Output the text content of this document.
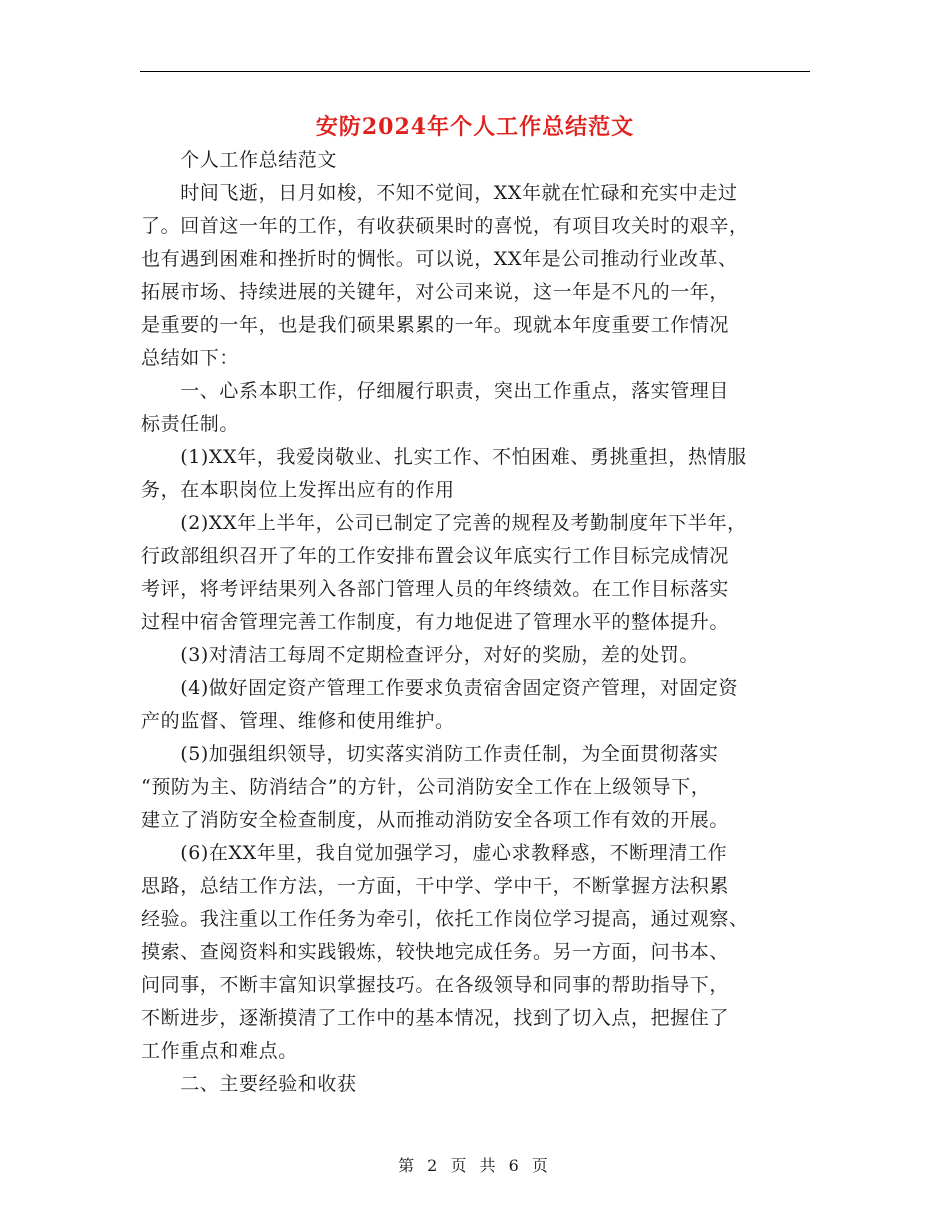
安防2024年个人工作总结范文
　　个人工作总结范文
　　时间飞逝，日月如梭，不知不觉间，XX年就在忙碌和充实中走过
了。回首这一年的工作，有收获硕果时的喜悦，有项目攻关时的艰辛，
也有遇到困难和挫折时的惆怅。可以说，XX年是公司推动行业改革、
拓展市场、持续进展的关键年，对公司来说，这一年是不凡的一年，
是重要的一年，也是我们硕果累累的一年。现就本年度重要工作情况
总结如下：
　　一、心系本职工作，仔细履行职责，突出工作重点，落实管理目
标责任制。
　　(1)XX年，我爱岗敬业、扎实工作、不怕困难、勇挑重担，热情服
务，在本职岗位上发挥出应有的作用
　　(2)XX年上半年，公司已制定了完善的规程及考勤制度年下半年，
行政部组织召开了年的工作安排布置会议年底实行工作目标完成情况
考评，将考评结果列入各部门管理人员的年终绩效。在工作目标落实
过程中宿舍管理完善工作制度，有力地促进了管理水平的整体提升。
　　(3)对清洁工每周不定期检查评分，对好的奖励，差的处罚。
　　(4)做好固定资产管理工作要求负责宿舍固定资产管理，对固定资
产的监督、管理、维修和使用维护。
　　(5)加强组织领导，切实落实消防工作责任制，为全面贯彻落实
“预防为主、防消结合”的方针，公司消防安全工作在上级领导下，
建立了消防安全检查制度，从而推动消防安全各项工作有效的开展。
　　(6)在XX年里，我自觉加强学习，虚心求教释惑，不断理清工作
思路，总结工作方法，一方面，干中学、学中干，不断掌握方法积累
经验。我注重以工作任务为牵引，依托工作岗位学习提高，通过观察、
摸索、查阅资料和实践锻炼，较快地完成任务。另一方面，问书本、
问同事，不断丰富知识掌握技巧。在各级领导和同事的帮助指导下，
不断进步，逐渐摸清了工作中的基本情况，找到了切入点，把握住了
工作重点和难点。
　　二、主要经验和收获
第 2 页 共 6 页
